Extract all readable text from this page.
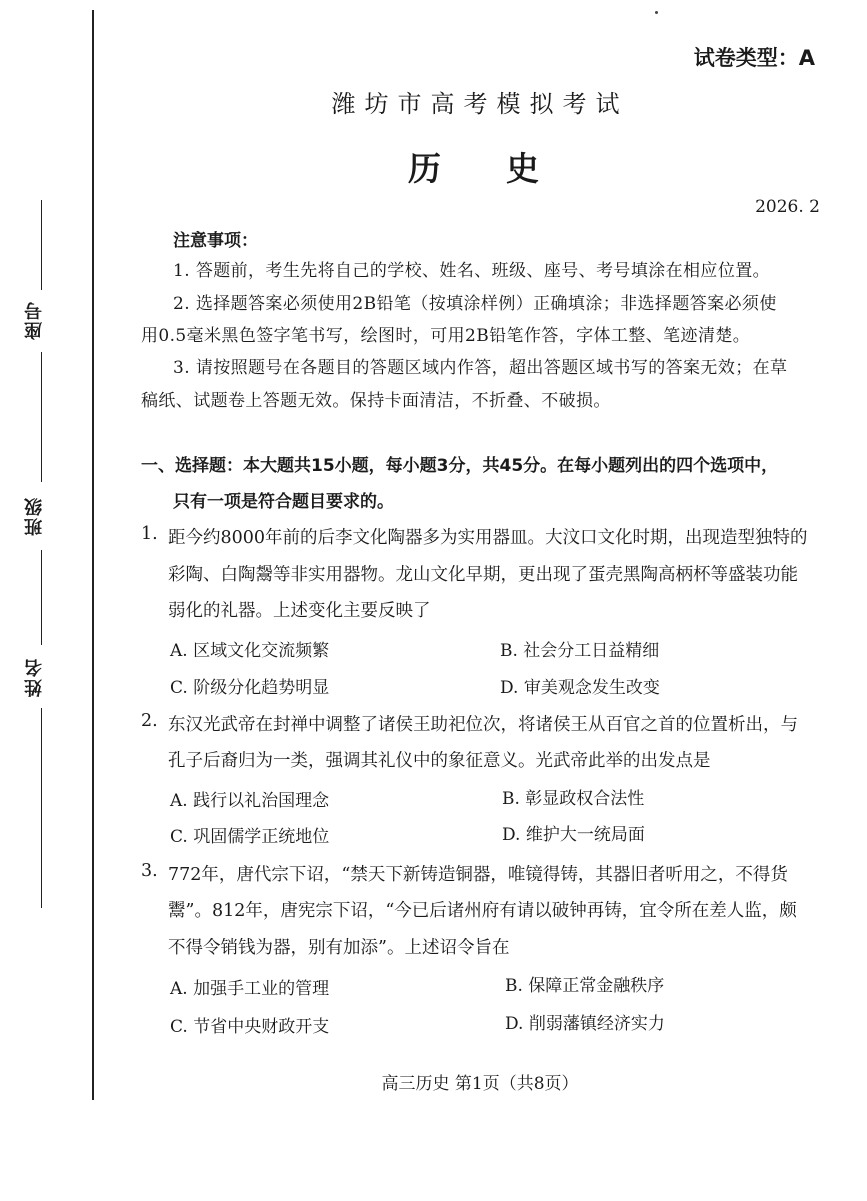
座号
班级
姓名
试卷类型：A
潍坊市高考模拟考试
历史
2026. 2
注意事项：
1. 答题前，考生先将自己的学校、姓名、班级、座号、考号填涂在相应位置。
2. 选择题答案必须使用2B铅笔（按填涂样例）正确填涂；非选择题答案必须使
用0.5毫米黑色签字笔书写，绘图时，可用2B铅笔作答，字体工整、笔迹清楚。
3. 请按照题号在各题目的答题区域内作答，超出答题区域书写的答案无效；在草
稿纸、试题卷上答题无效。保持卡面清洁，不折叠、不破损。
一、选择题：本大题共15小题，每小题3分，共45分。在每小题列出的四个选项中，
只有一项是符合题目要求的。
1. 距今约8000年前的后李文化陶器多为实用器皿。大汶口文化时期，出现造型独特的
彩陶、白陶鬶等非实用器物。龙山文化早期，更出现了蛋壳黑陶高柄杯等盛装功能
弱化的礼器。上述变化主要反映了
A. 区域文化交流频繁	B. 社会分工日益精细
C. 阶级分化趋势明显	D. 审美观念发生改变
2. 东汉光武帝在封禅中调整了诸侯王助祀位次，将诸侯王从百官之首的位置析出，与
孔子后裔归为一类，强调其礼仪中的象征意义。光武帝此举的出发点是
A. 践行以礼治国理念	B. 彰显政权合法性
C. 巩固儒学正统地位	D. 维护大一统局面
3. 772年，唐代宗下诏，“禁天下新铸造铜器，唯镜得铸，其器旧者听用之，不得货
鬻”。812年，唐宪宗下诏，“今已后诸州府有请以破钟再铸，宜令所在差人监，颇
不得令销钱为器，别有加添”。上述诏令旨在
A. 加强手工业的管理	B. 保障正常金融秩序
C. 节省中央财政开支	D. 削弱藩镇经济实力
高三历史 第1页（共8页）
